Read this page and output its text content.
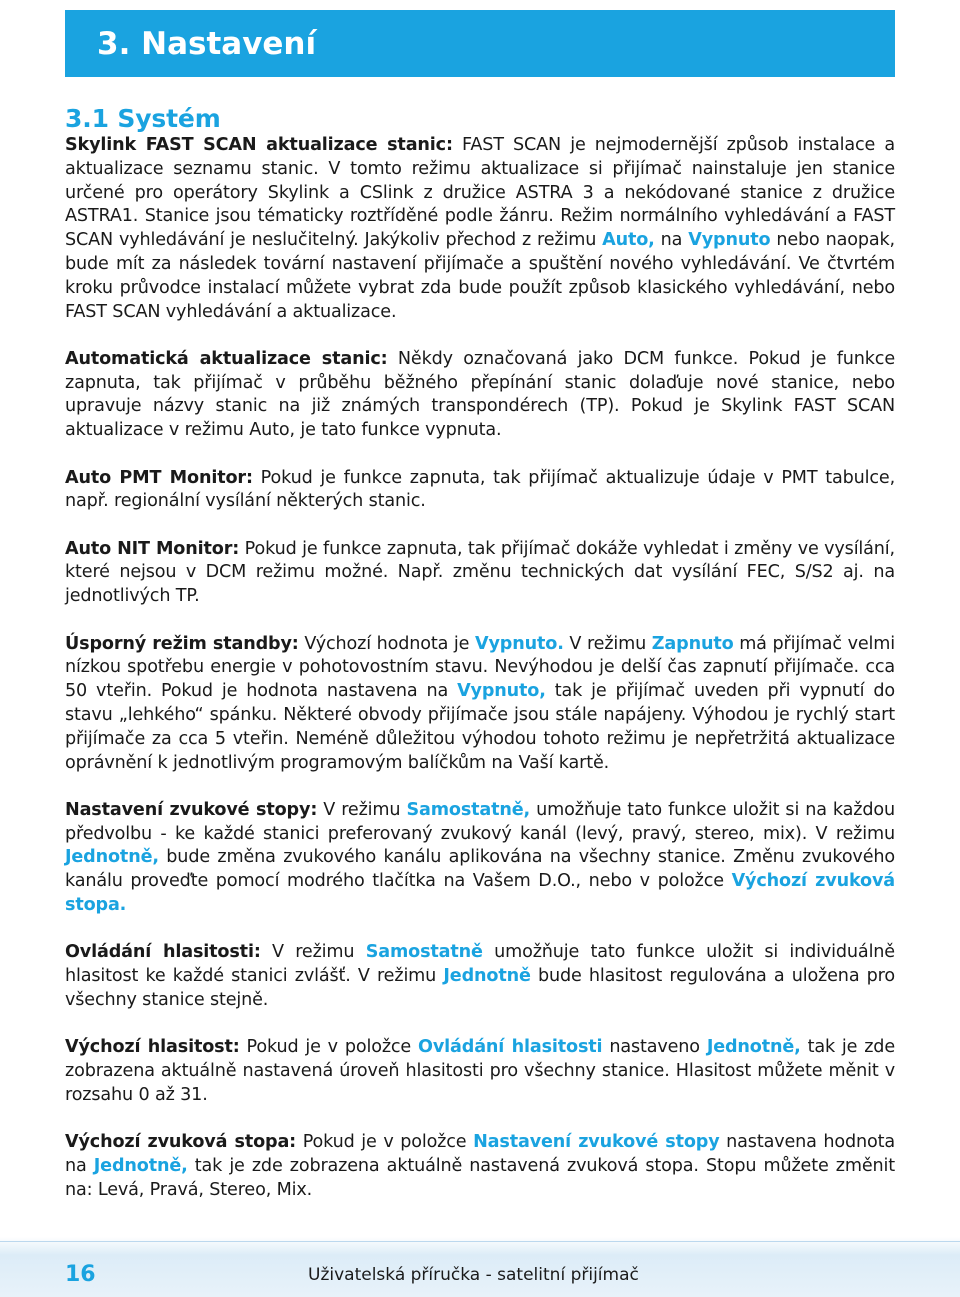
3. Nastavení
3.1 Systém

Skylink FAST SCAN aktualizace stanic: FAST SCAN je nejmodernější způsob instalace a aktualizace seznamu stanic. V tomto režimu aktualizace si přijímač nainstaluje jen stanice určené pro operátory Skylink a CSlink z družice ASTRA 3 a nekódované stanice z družice ASTRA1. Stanice jsou tématicky roztříděné podle žánru. Režim normálního vyhledávání a FAST SCAN vyhledávání je neslučitelný. Jakýkoliv přechod z režimu Auto, na Vypnuto nebo naopak, bude mít za následek tovární nastavení přijímače a spuštění nového vyhledávání. Ve čtvrtém kroku průvodce instalací můžete vybrat zda bude použít způsob klasického vyhledávání, nebo FAST SCAN vyhledávání a aktualizace.

Automatická aktualizace stanic: Někdy označovaná jako DCM funkce. Pokud je funkce zapnuta, tak přijímač v průběhu běžného přepínání stanic dolaďuje nové stanice, nebo upravuje názvy stanic na již známých transpondérech (TP). Pokud je Skylink FAST SCAN aktualizace v režimu Auto, je tato funkce vypnuta.

Auto PMT Monitor: Pokud je funkce zapnuta, tak přijímač aktualizuje údaje v PMT tabulce, např. regionální vysílání některých stanic.

Auto NIT Monitor: Pokud je funkce zapnuta, tak přijímač dokáže vyhledat i změny ve vysílání, které nejsou v DCM režimu možné. Např. změnu technických dat vysílání FEC, S/S2 aj. na jednotlivých TP.

Úsporný režim standby: Výchozí hodnota je Vypnuto. V režimu Zapnuto má přijímač velmi nízkou spotřebu energie v pohotovostním stavu. Nevýhodou je delší čas zapnutí přijímače. cca 50 vteřin. Pokud je hodnota nastavena na Vypnuto, tak je přijímač uveden při vypnutí do stavu „lehkého“ spánku. Některé obvody přijímače jsou stále napájeny. Výhodou je rychlý start přijímače za cca 5 vteřin. Neméně důležitou výhodou tohoto režimu je nepřetržitá aktualizace oprávnění k jednotlivým programovým balíčkům na Vaší kartě.

Nastavení zvukové stopy: V režimu Samostatně, umožňuje tato funkce uložit si na každou předvolbu - ke každé stanici preferovaný zvukový kanál (levý, pravý, stereo, mix). V režimu Jednotně, bude změna zvukového kanálu aplikována na všechny stanice. Změnu zvukového kanálu proveďte pomocí modrého tlačítka na Vašem D.O., nebo v položce Výchozí zvuková stopa.

Ovládání hlasitosti: V režimu Samostatně umožňuje tato funkce uložit si individuálně hlasitost ke každé stanici zvlášť. V režimu Jednotně bude hlasitost regulována a uložena pro všechny stanice stejně.

Výchozí hlasitost: Pokud je v položce Ovládání hlasitosti nastaveno Jednotně, tak je zde zobrazena aktuálně nastavená úroveň hlasitosti pro všechny stanice. Hlasitost můžete měnit v rozsahu 0 až 31.

Výchozí zvuková stopa: Pokud je v položce Nastavení zvukové stopy nastavena hodnota na Jednotně, tak je zde zobrazena aktuálně nastavená zvuková stopa. Stopu můžete změnit na: Levá, Pravá, Stereo, Mix.

16	Uživatelská příručka - satelitní přijímač
